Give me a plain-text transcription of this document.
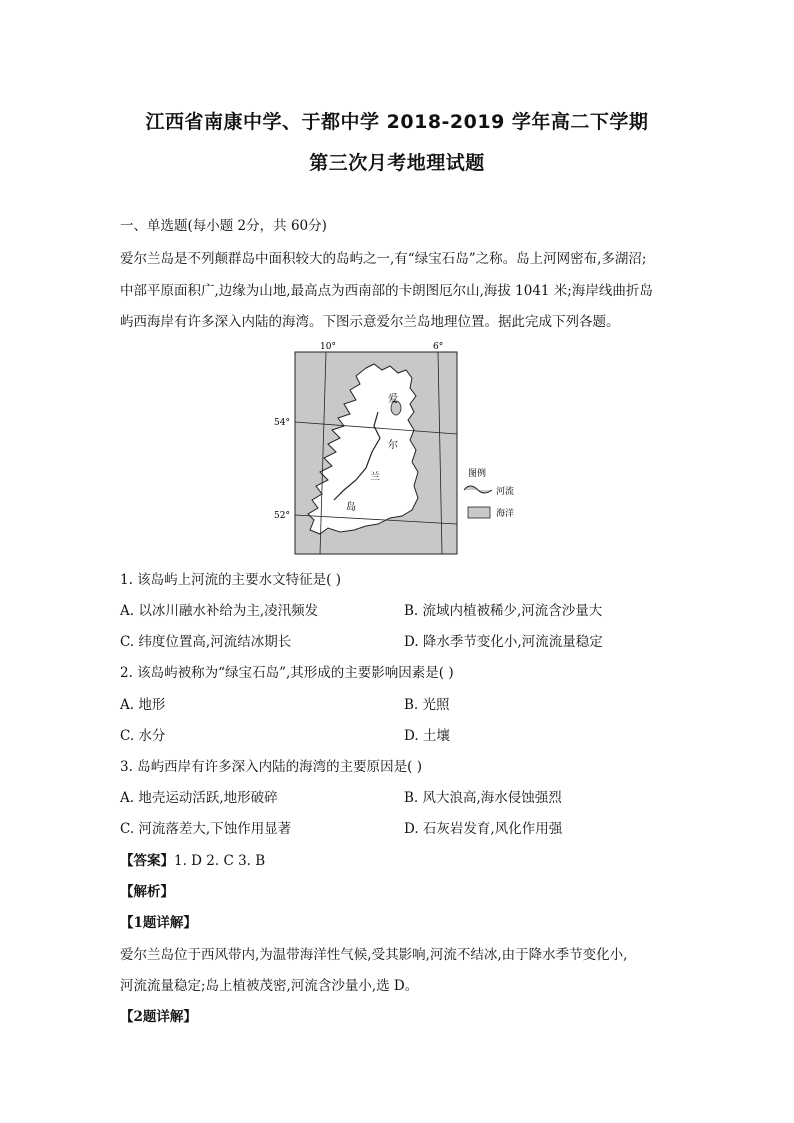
江西省南康中学、于都中学 2018-2019 学年高二下学期
第三次月考地理试题
一、单选题(每小题 2分，共 60分)
爱尔兰岛是不列颠群岛中面积较大的岛屿之一,有“绿宝石岛”之称。岛上河网密布,多湖沼;
中部平原面积广,边缘为山地,最高点为西南部的卡朗图厄尔山,海拔 1041 米;海岸线曲折岛
屿西海岸有许多深入内陆的海湾。下图示意爱尔兰岛地理位置。据此完成下列各题。
10°	6°
54°
52°
爱
尔
兰
岛
图例
河流
海洋
1. 该岛屿上河流的主要水文特征是( )
A. 以冰川融水补给为主,凌汛频发	B. 流域内植被稀少,河流含沙量大
C. 纬度位置高,河流结冰期长	D. 降水季节变化小,河流流量稳定
2. 该岛屿被称为“绿宝石岛”,其形成的主要影响因素是( )
A. 地形	B. 光照
C. 水分	D. 土壤
3. 岛屿西岸有许多深入内陆的海湾的主要原因是( )
A. 地壳运动活跃,地形破碎	B. 风大浪高,海水侵蚀强烈
C. 河流落差大,下蚀作用显著	D. 石灰岩发育,风化作用强
【答案】1. D 2. C 3. B
【解析】
【1题详解】
爱尔兰岛位于西风带内,为温带海洋性气候,受其影响,河流不结冰,由于降水季节变化小,
河流流量稳定;岛上植被茂密,河流含沙量小,选 D。
【2题详解】
